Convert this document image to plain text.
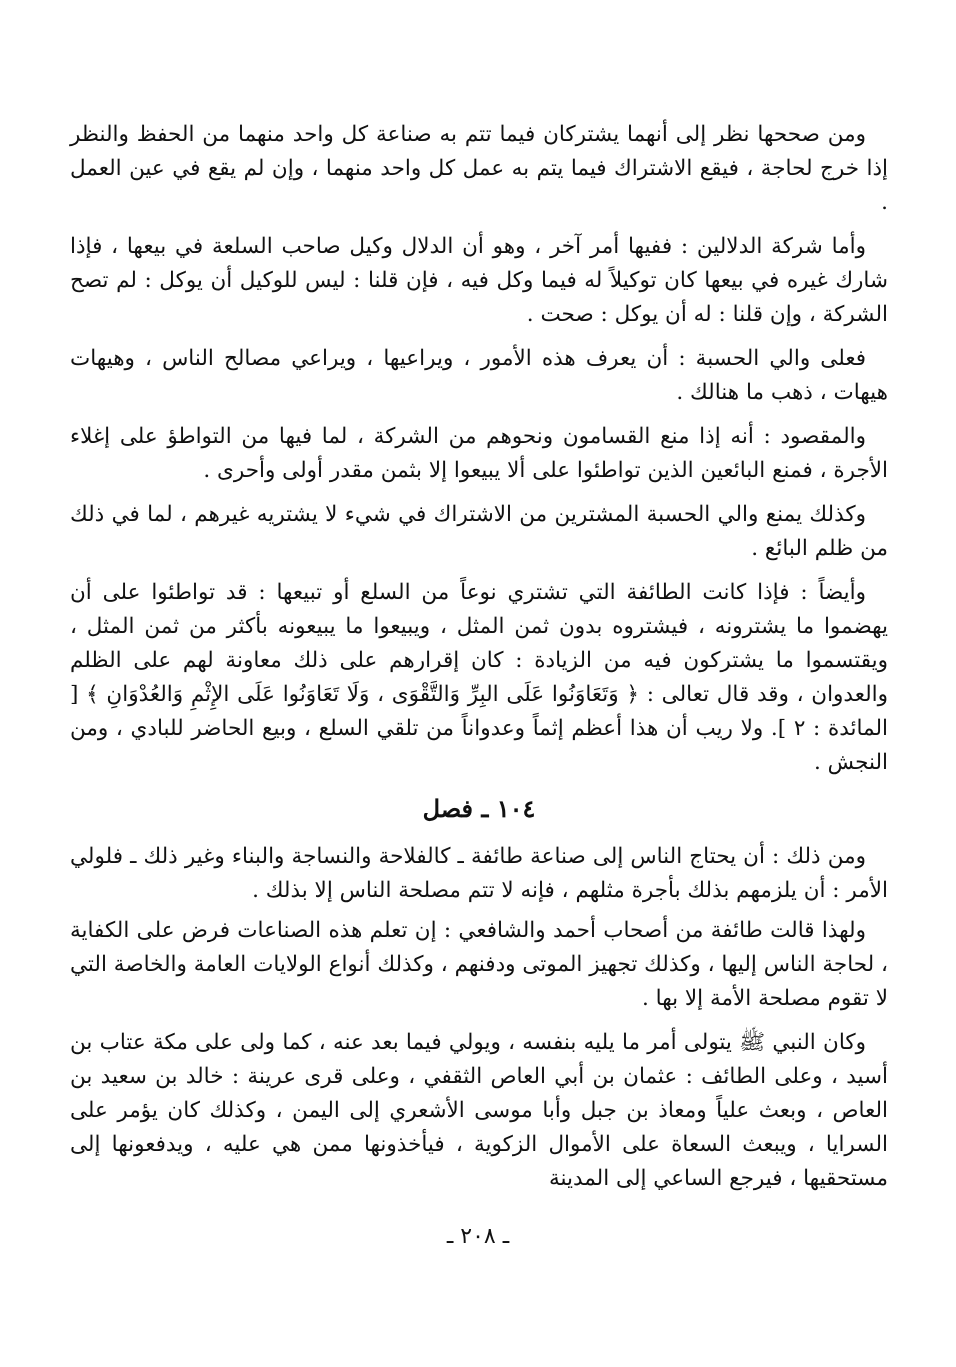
ومن صححها نظر إلى أنهما يشتركان فيما تتم به صناعة كل واحد منهما من الحفظ والنظر إذا خرج لحاجة ، فيقع الاشتراك فيما يتم به عمل كل واحد منهما ، وإن لم يقع في عين العمل .

وأما شركة الدلالين : ففيها أمر آخر ، وهو أن الدلال وكيل صاحب السلعة في بيعها ، فإذا شارك غيره في بيعها كان توكيلاً له فيما وكل فيه ، فإن قلنا : ليس للوكيل أن يوكل : لم تصح الشركة ، وإن قلنا : له أن يوكل : صحت .

فعلى والي الحسبة : أن يعرف هذه الأمور ، ويراعيها ، ويراعي مصالح الناس ، وهيهات هيهات ، ذهب ما هنالك .

والمقصود : أنه إذا منع القسامون ونحوهم من الشركة ، لما فيها من التواطؤ على إغلاء الأجرة ، فمنع البائعين الذين تواطئوا على ألا يبيعوا إلا بثمن مقدر أولى وأحرى .

وكذلك يمنع والي الحسبة المشترين من الاشتراك في شيء لا يشتريه غيرهم ، لما في ذلك من ظلم البائع .

وأيضاً : فإذا كانت الطائفة التي تشتري نوعاً من السلع أو تبيعها : قد تواطئوا على أن يهضموا ما يشترونه ، فيشتروه بدون ثمن المثل ، ويبيعوا ما يبيعونه بأكثر من ثمن المثل ، ويقتسموا ما يشتركون فيه من الزيادة : كان إقرارهم على ذلك معاونة لهم على الظلم والعدوان ، وقد قال تعالى : ﴿ وَتَعَاوَنُوا عَلَى البِرِّ وَالتَّقْوَى ، وَلَا تَعَاوَنُوا عَلَى الإِثْمِ وَالعُدْوَانِ ﴾ [ المائدة : ٢ ]. ولا ريب أن هذا أعظم إثماً وعدواناً من تلقي السلع ، وبيع الحاضر للبادي ، ومن النجش .

١٠٤ ـ فصل

ومن ذلك : أن يحتاج الناس إلى صناعة طائفة ـ كالفلاحة والنساجة والبناء وغير ذلك ـ فلولي الأمر : أن يلزمهم بذلك بأجرة مثلهم ، فإنه لا تتم مصلحة الناس إلا بذلك .

ولهذا قالت طائفة من أصحاب أحمد والشافعي : إن تعلم هذه الصناعات فرض على الكفاية ، لحاجة الناس إليها ، وكذلك تجهيز الموتى ودفنهم ، وكذلك أنواع الولايات العامة والخاصة التي لا تقوم مصلحة الأمة إلا بها .

وكان النبي ﷺ يتولى أمر ما يليه بنفسه ، ويولي فيما بعد عنه ، كما ولى على مكة عتاب بن أسيد ، وعلى الطائف : عثمان بن أبي العاص الثقفي ، وعلى قرى عرينة : خالد بن سعيد بن العاص ، وبعث علياً ومعاذ بن جبل وأبا موسى الأشعري إلى اليمن ، وكذلك كان يؤمر على السرايا ، ويبعث السعاة على الأموال الزكوية ، فيأخذونها ممن هي عليه ، ويدفعونها إلى مستحقيها ، فيرجع الساعي إلى المدينة

ـ ٢٠٨ ـ
